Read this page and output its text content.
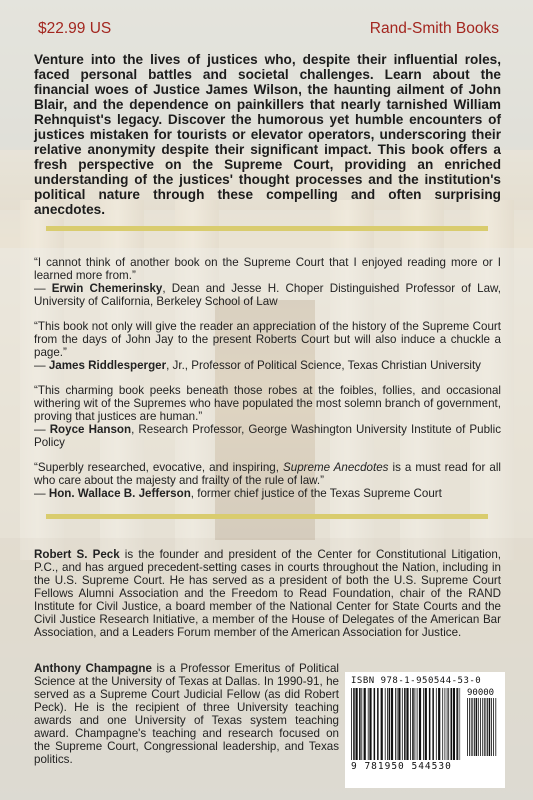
$22.99 US	Rand-Smith Books
Venture into the lives of justices who, despite their influential roles, faced personal battles and societal challenges. Learn about the financial woes of Justice James Wilson, the haunting ailment of John Blair, and the dependence on painkillers that nearly tarnished William Rehnquist's legacy. Discover the humorous yet humble encounters of justices mistaken for tourists or elevator operators, underscoring their relative anonymity despite their significant impact. This book offers a fresh perspective on the Supreme Court, providing an enriched understanding of the justices' thought processes and the institution's political nature through these compelling and often surprising anecdotes.
“I cannot think of another book on the Supreme Court that I enjoyed reading more or I learned more from.”
— Erwin Chemerinsky, Dean and Jesse H. Choper Distinguished Professor of Law, University of California, Berkeley School of Law
“This book not only will give the reader an appreciation of the history of the Supreme Court from the days of John Jay to the present Roberts Court but will also induce a chuckle a page.”
— James Riddlesperger, Jr., Professor of Political Science, Texas Christian University
“This charming book peeks beneath those robes at the foibles, follies, and occasional withering wit of the Supremes who have populated the most solemn branch of government, proving that justices are human.”
— Royce Hanson, Research Professor, George Washington University Institute of Public Policy
“Superbly researched, evocative, and inspiring, Supreme Anecdotes is a must read for all who care about the majesty and frailty of the rule of law.”
— Hon. Wallace B. Jefferson, former chief justice of the Texas Supreme Court
Robert S. Peck is the founder and president of the Center for Constitutional Litigation, P.C., and has argued precedent-setting cases in courts throughout the Nation, including in the U.S. Supreme Court. He has served as a president of both the U.S. Supreme Court Fellows Alumni Association and the Freedom to Read Foundation, chair of the RAND Institute for Civil Justice, a board member of the National Center for State Courts and the Civil Justice Research Initiative, a member of the House of Delegates of the American Bar Association, and a Leaders Forum member of the American Association for Justice.
Anthony Champagne is a Professor Emeritus of Political Science at the University of Texas at Dallas. In 1990-91, he served as a Supreme Court Judicial Fellow (as did Robert Peck). He is the recipient of three University teaching awards and one University of Texas system teaching award. Champagne's teaching and research focused on the Supreme Court, Congressional leadership, and Texas politics.
ISBN 978-1-950544-53-0
90000
9 781950 544530
